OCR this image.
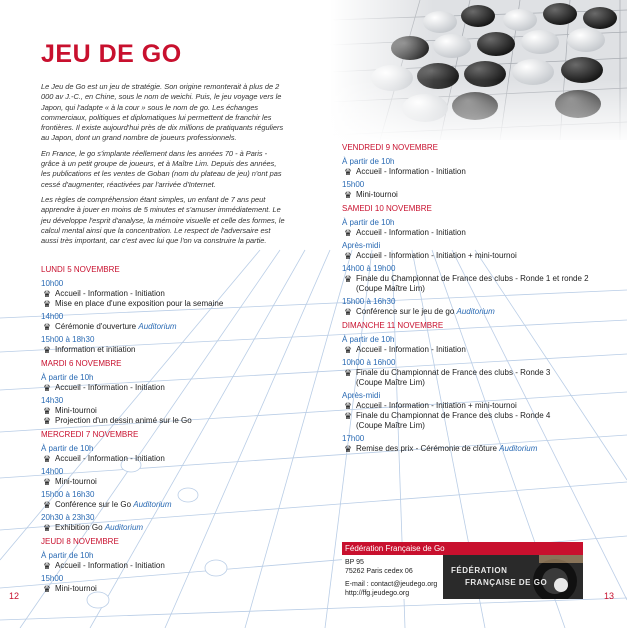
JEU DE GO

Le Jeu de Go est un jeu de stratégie. Son origine remonterait à plus de 2 000 av J.-C., en Chine, sous le nom de weichi. Puis, le jeu voyage vers le Japon, qui l'adapte « à la cour » sous le nom de go. Les échanges commerciaux, politiques et diplomatiques lui permettent de franchir les frontières. Il existe aujourd'hui près de dix millions de pratiquants réguliers au Japon, dont un grand nombre de joueurs professionnels.

En France, le go s'implante réellement dans les années 70 - à Paris - grâce à un petit groupe de joueurs, et à Maître Lim. Depuis des années, les publications et les ventes de Goban (nom du plateau de jeu) n'ont pas cessé d'augmenter, réactivées par l'arrivée d'Internet.

Les règles de compréhension étant simples, un enfant de 7 ans peut apprendre à jouer en moins de 5 minutes et s'amuser immédiatement. Le jeu développe l'esprit d'analyse, la mémoire visuelle et celle des formes, le calcul mental ainsi que la concentration. Le respect de l'adversaire est aussi très important, car c'est avec lui que l'on va construire la partie.

LUNDI 5 NOVEMBRE
10h00
♛ Accueil - Information - Initiation
♛ Mise en place d'une exposition pour la semaine
14h00
♛ Cérémonie d'ouverture Auditorium
15h00 à 18h30
♛ Information et initiation
MARDI 6 NOVEMBRE
À partir de 10h
♛ Accueil - Information - Initiation
14h30
♛ Mini-tournoi
♛ Projection d'un dessin animé sur le Go
MERCREDI 7 NOVEMBRE
À partir de 10h
♛ Accueil - Information - Initiation
14h00
♛ Mini-tournoi
15h00 à 16h30
♛ Conférence sur le Go Auditorium
20h30 à 23h30
♛ Exhibition Go Auditorium
JEUDI 8 NOVEMBRE
À partir de 10h
♛ Accueil - Information - Initiation
15h00
♛ Mini-tournoi
VENDREDI 9 NOVEMBRE
À partir de 10h
♛ Accueil - Information - Initiation
15h00
♛ Mini-tournoi
SAMEDI 10 NOVEMBRE
À partir de 10h
♛ Accueil - Information - Initiation
Après-midi
♛ Accueil - Information - Initiation + mini-tournoi
14h00 à 19h00
♛ Finale du Championnat de France des clubs - Ronde 1 et ronde 2
(Coupe Maître Lim)
15h00 à 16h30
♛ Conférence sur le jeu de go Auditorium
DIMANCHE 11 NOVEMBRE
À partir de 10h
♛ Accueil - Information - Initiation
10h00 à 16h00
♛ Finale du Championnat de France des clubs - Ronde 3
(Coupe Maître Lim)
Après-midi
♛ Accueil - Information - Initiation + mini-tournoi
♛ Finale du Championnat de France des clubs - Ronde 4
(Coupe Maître Lim)
17h00
♛ Remise des prix - Cérémonie de clôture Auditorium
12	13
Fédération Française de Go
BP 95
75262 Paris cedex 06
E-mail : contact@jeudego.org
http://ffg.jeudego.org
FÉDÉRATION
FRANÇAISE DE GO
